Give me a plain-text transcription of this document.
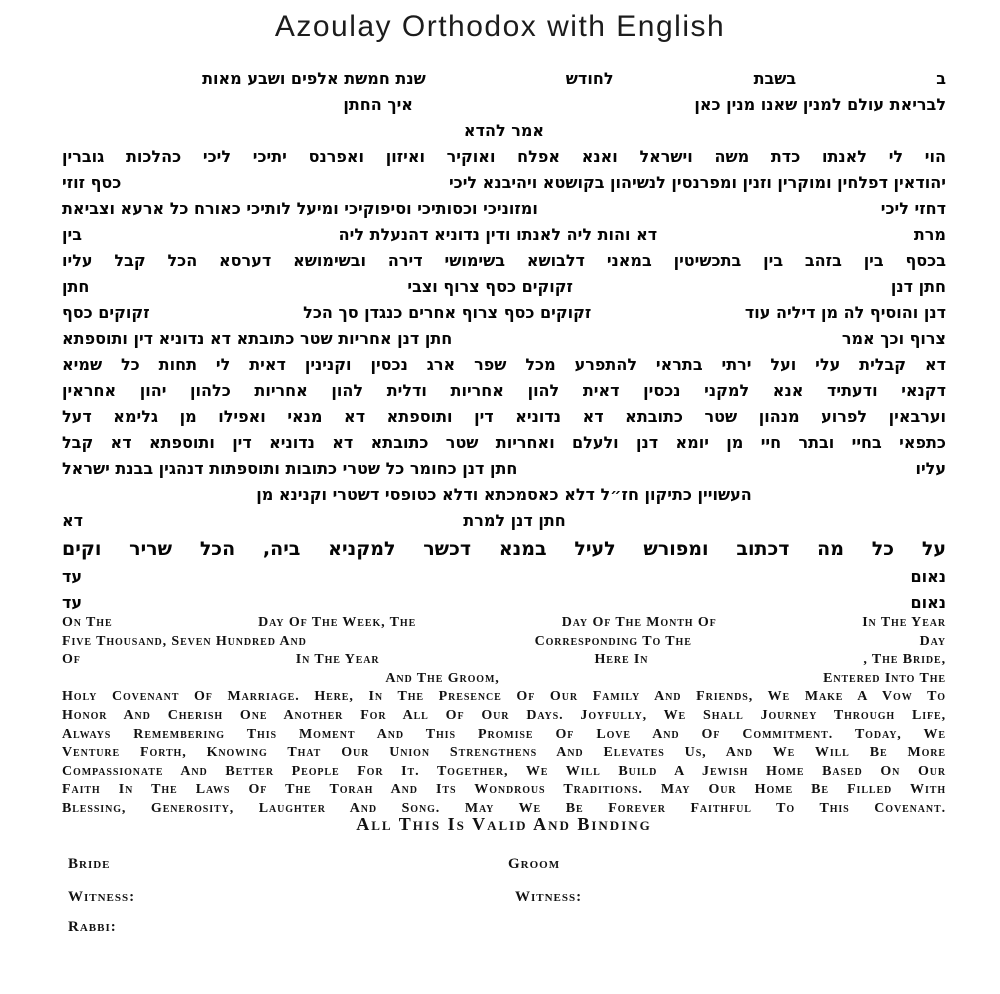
Azoulay Orthodox with English
ב
בשבת
לחודש
שנת חמשת אלפים ושבע מאות
לבריאת עולם למנין שאנו מנין כאן
איך החתן
אמר להדא
הוי לי לאנתו כדת משה וישראל ואנא אפלח ואוקיר ואיזון ואפרנס יתיכי ליכי כהלכות גוברין
יהודאין דפלחין ומוקרין וזנין ומפרנסין לנשיהון בקושטא ויהיבנא ליכי
כסף זוזי
דחזי ליכי
ומזוניכי וכסותיכי וסיפוקיכי ומיעל לותיכי כאורח כל ארעא וצביאת
מרת
דא והות ליה לאנתו ודין נדוניא דהנעלת ליה
בין
בכסף בין בזהב בין בתכשיטין במאני דלבושא בשימושי דירה ובשימושא דערסא הכל קבל עליו
חתן דנן
זקוקים כסף צרוף וצבי
חתן
דנן והוסיף לה מן דיליה עוד
זקוקים כסף צרוף אחרים כנגדן סך הכל
זקוקים כסף
צרוף וכך אמר
חתן דנן אחריות שטר כתובתא דא נדוניא דין ותוספתא
דא קבלית עלי ועל ירתי בתראי להתפרע מכל שפר ארג נכסין וקנינין דאית לי תחות כל שמיא
דקנאי ודעתיד אנא למקני נכסין דאית להון אחריות ודלית להון אחריות כלהון יהון אחראין
וערבאין לפרוע מנהון שטר כתובתא דא נדוניא דין ותוספתא דא מנאי ואפילו מן גלימא דעל
כתפאי בחיי ובתר חיי מן יומא דנן ולעלם ואחריות שטר כתובתא דא נדוניא דין ותוספתא דא קבל
עליו
חתן דנן כחומר כל שטרי כתובות ותוספתות דנהגין בבנת ישראל
העשויין כתיקון חז״ל דלא כאסמכתא ודלא כטופסי דשטרי וקנינא מן
חתן דנן למרת
דא
על כל מה דכתוב ומפורש לעיל במנא דכשר למקניא ביה, הכל שריר וקים
נאום
עד
נאום
עד
On The	Day Of The Week, The	Day Of The Month Of	In The Year
Five Thousand, Seven Hundred And	Corresponding To The	Day
Of	In The Year	Here In	, The Bride,
And The Groom,	Entered Into The
Holy Covenant Of Marriage. Here, In The Presence Of Our Family And Friends, We Make A Vow To
Honor And Cherish One Another For All Of Our Days. Joyfully, We Shall Journey Through Life,
Always Remembering This Moment And This Promise Of Love And Of Commitment. Today, We
Venture Forth, Knowing That Our Union Strengthens And Elevates Us, And We Will Be More
Compassionate And Better People For It. Together, We Will Build A Jewish Home Based On Our
Faith In The Laws Of The Torah And Its Wondrous Traditions. May Our Home Be Filled With
Blessing, Generosity, Laughter And Song. May We Be Forever Faithful To This Covenant.
All This Is Valid And Binding
Bride	Groom
Witness:	Witness:
Rabbi:
